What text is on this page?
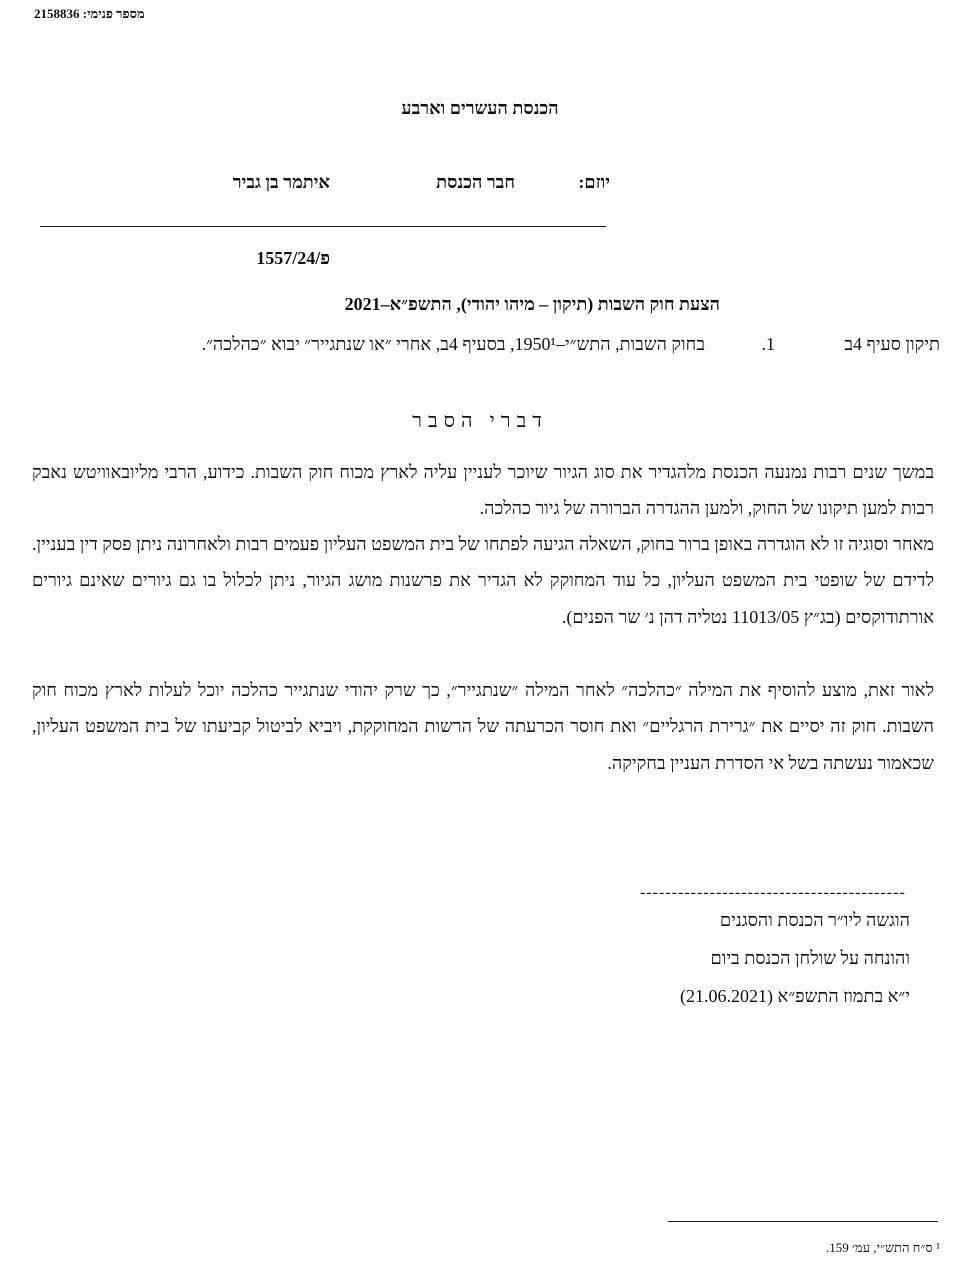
מספר פנימי: 2158836
הכנסת העשרים וארבע
יוזם:
חבר הכנסת
איתמר בן גביר
פ/1557/24
הצעת חוק השבות (תיקון – מיהו יהודי), התשפ״א–2021
תיקון סעיף 4ב
1.
בחוק השבות, התש״י–1950¹, בסעיף 4ב, אחרי ״או שנתגייר״ יבוא ״כהלכה״.
דברי הסבר
במשך שנים רבות נמנעה הכנסת מלהגדיר את סוג הגיור שיוכר לעניין עליה לארץ מכוח חוק השבות. כידוע, הרבי מליובאוויטש נאבק רבות למען תיקונו של החוק, ולמען ההגדרה הברורה של גיור כהלכה.
מאחר וסוגיה זו לא הוגדרה באופן ברור בחוק, השאלה הגיעה לפתחו של בית המשפט העליון פעמים רבות ולאחרונה ניתן פסק דין בעניין. לדידם של שופטי בית המשפט העליון, כל עוד המחוקק לא הגדיר את פרשנות מושג הגיור, ניתן לכלול בו גם גיורים שאינם גיורים אורתודוקסים (בג״ץ 11013/05 נטליה דהן נ׳ שר הפנים).
לאור זאת, מוצע להוסיף את המילה ״כהלכה״ לאחר המילה ״שנתגייר״, כך שרק יהודי שנתגייר כהלכה יוכל לעלות לארץ מכוח חוק השבות. חוק זה יסיים את ״גרירת הרגליים״ ואת חוסר הכרעתה של הרשות המחוקקת, ויביא לביטול קביעתו של בית המשפט העליון, שכאמור נעשתה בשל אי הסדרת העניין בחקיקה.
------------------------------------------
הוגשה ליו״ר הכנסת והסגנים
והונחה על שולחן הכנסת ביום
י״א בתמוז התשפ״א (21.06.2021)
¹ ס״ח התש״י, עמ׳ 159.
